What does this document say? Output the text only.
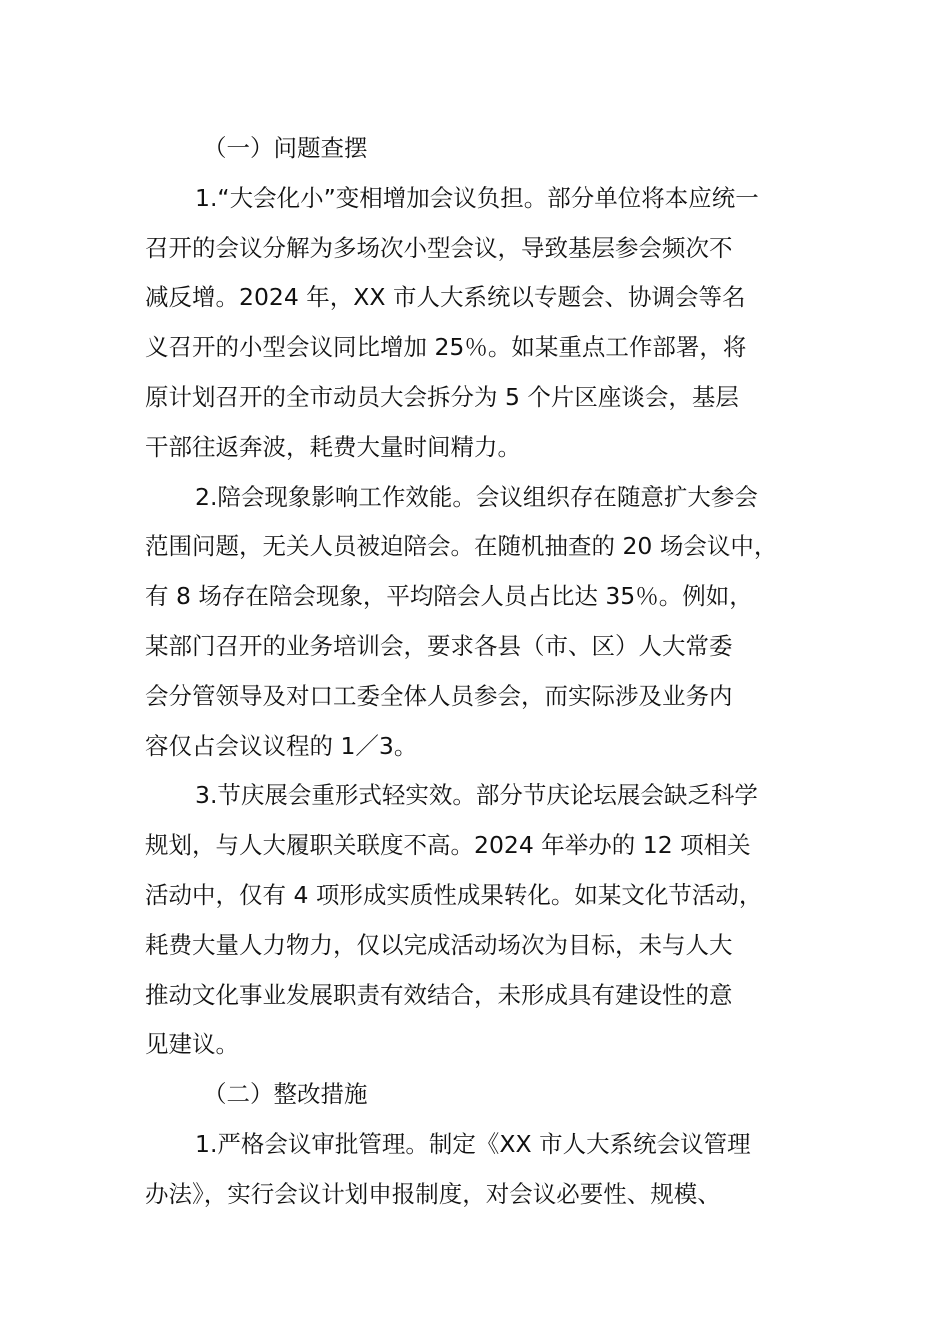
（一）问题查摆
1.“大会化小”变相增加会议负担。部分单位将本应统一
召开的会议分解为多场次小型会议，导致基层参会频次不
减反增。2024 年，XX 市人大系统以专题会、协调会等名
义召开的小型会议同比增加 25％。如某重点工作部署，将
原计划召开的全市动员大会拆分为 5 个片区座谈会，基层
干部往返奔波，耗费大量时间精力。
2.陪会现象影响工作效能。会议组织存在随意扩大参会
范围问题，无关人员被迫陪会。在随机抽查的 20 场会议中，
有 8 场存在陪会现象，平均陪会人员占比达 35％。例如，
某部门召开的业务培训会，要求各县（市、区）人大常委
会分管领导及对口工委全体人员参会，而实际涉及业务内
容仅占会议议程的 1／3。
3.节庆展会重形式轻实效。部分节庆论坛展会缺乏科学
规划，与人大履职关联度不高。2024 年举办的 12 项相关
活动中，仅有 4 项形成实质性成果转化。如某文化节活动，
耗费大量人力物力，仅以完成活动场次为目标，未与人大
推动文化事业发展职责有效结合，未形成具有建设性的意
见建议。
（二）整改措施
1.严格会议审批管理。制定《XX 市人大系统会议管理
办法》，实行会议计划申报制度，对会议必要性、规模、
